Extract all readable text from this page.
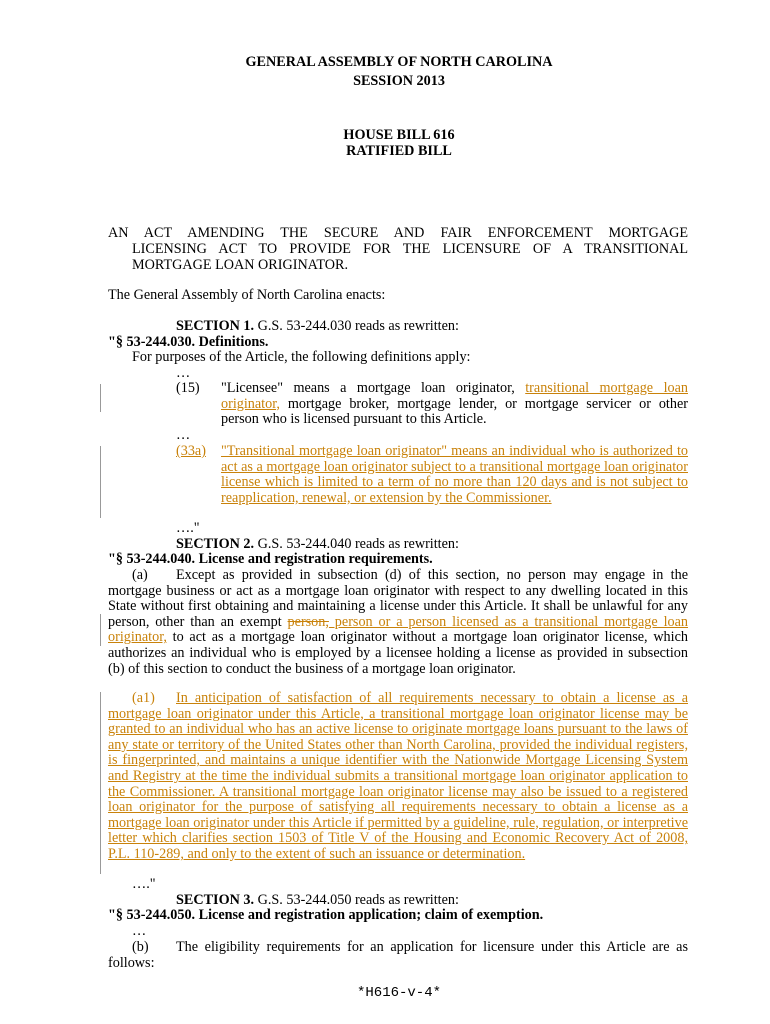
GENERAL ASSEMBLY OF NORTH CAROLINA
SESSION 2013
HOUSE BILL 616
RATIFIED BILL
AN ACT AMENDING THE SECURE AND FAIR ENFORCEMENT MORTGAGE
LICENSING ACT TO PROVIDE FOR THE LICENSURE OF A TRANSITIONAL
MORTGAGE LOAN ORIGINATOR.
The General Assembly of North Carolina enacts:
SECTION 1. G.S. 53-244.030 reads as rewritten:
"§ 53-244.030. Definitions.
For purposes of the Article, the following definitions apply:
…
(15)	"Licensee" means a mortgage loan originator, transitional mortgage loan originator, mortgage broker, mortgage lender, or mortgage servicer or other person who is licensed pursuant to this Article.
…
(33a)	"Transitional mortgage loan originator" means an individual who is authorized to act as a mortgage loan originator subject to a transitional mortgage loan originator license which is limited to a term of no more than 120 days and is not subject to reapplication, renewal, or extension by the Commissioner.
…."
SECTION 2. G.S. 53-244.040 reads as rewritten:
"§ 53-244.040. License and registration requirements.
(a) Except as provided in subsection (d) of this section, no person may engage in the mortgage business or act as a mortgage loan originator with respect to any dwelling located in this State without first obtaining and maintaining a license under this Article. It shall be unlawful for any person, other than an exempt person, person or a person licensed as a transitional mortgage loan originator, to act as a mortgage loan originator without a mortgage loan originator license, which authorizes an individual who is employed by a licensee holding a license as provided in subsection (b) of this section to conduct the business of a mortgage loan originator.
(a1) In anticipation of satisfaction of all requirements necessary to obtain a license as a mortgage loan originator under this Article, a transitional mortgage loan originator license may be granted to an individual who has an active license to originate mortgage loans pursuant to the laws of any state or territory of the United States other than North Carolina, provided the individual registers, is fingerprinted, and maintains a unique identifier with the Nationwide Mortgage Licensing System and Registry at the time the individual submits a transitional mortgage loan originator application to the Commissioner. A transitional mortgage loan originator license may also be issued to a registered loan originator for the purpose of satisfying all requirements necessary to obtain a license as a mortgage loan originator under this Article if permitted by a guideline, rule, regulation, or interpretive letter which clarifies section 1503 of Title V of the Housing and Economic Recovery Act of 2008, P.L. 110-289, and only to the extent of such an issuance or determination.
…."
SECTION 3. G.S. 53-244.050 reads as rewritten:
"§ 53-244.050. License and registration application; claim of exemption.
…
(b) The eligibility requirements for an application for licensure under this Article are as follows:
*H616-v-4*
